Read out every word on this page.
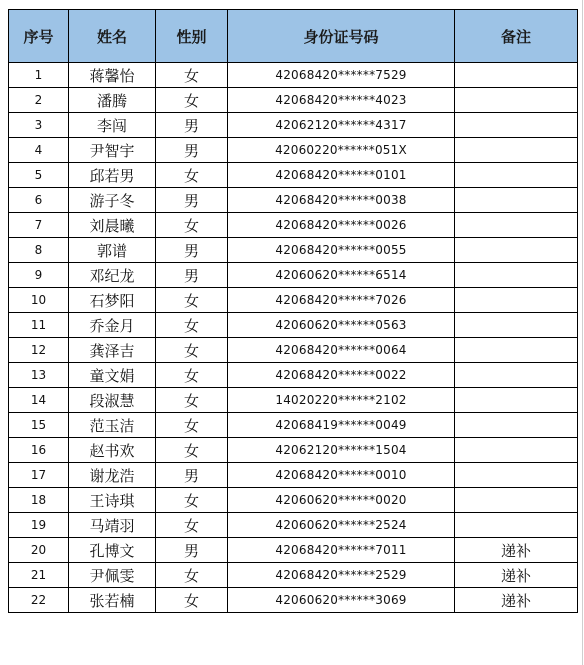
序号	姓名	性别	身份证号码	备注
1	蒋馨怡	女	42068420******7529	
2	潘腾	女	42068420******4023	
3	李闯	男	42062120******4317	
4	尹智宇	男	42060220******051X	
5	邱若男	女	42068420******0101	
6	游子冬	男	42068420******0038	
7	刘晨曦	女	42068420******0026	
8	郭谱	男	42068420******0055	
9	邓纪龙	男	42060620******6514	
10	石梦阳	女	42068420******7026	
11	乔金月	女	42060620******0563	
12	龚泽吉	女	42068420******0064	
13	童文娟	女	42068420******0022	
14	段淑慧	女	14020220******2102	
15	范玉洁	女	42068419******0049	
16	赵书欢	女	42062120******1504	
17	谢龙浩	男	42068420******0010	
18	王诗琪	女	42060620******0020	
19	马靖羽	女	42060620******2524	
20	孔博文	男	42068420******7011	递补
21	尹佩雯	女	42068420******2529	递补
22	张若楠	女	42060620******3069	递补
